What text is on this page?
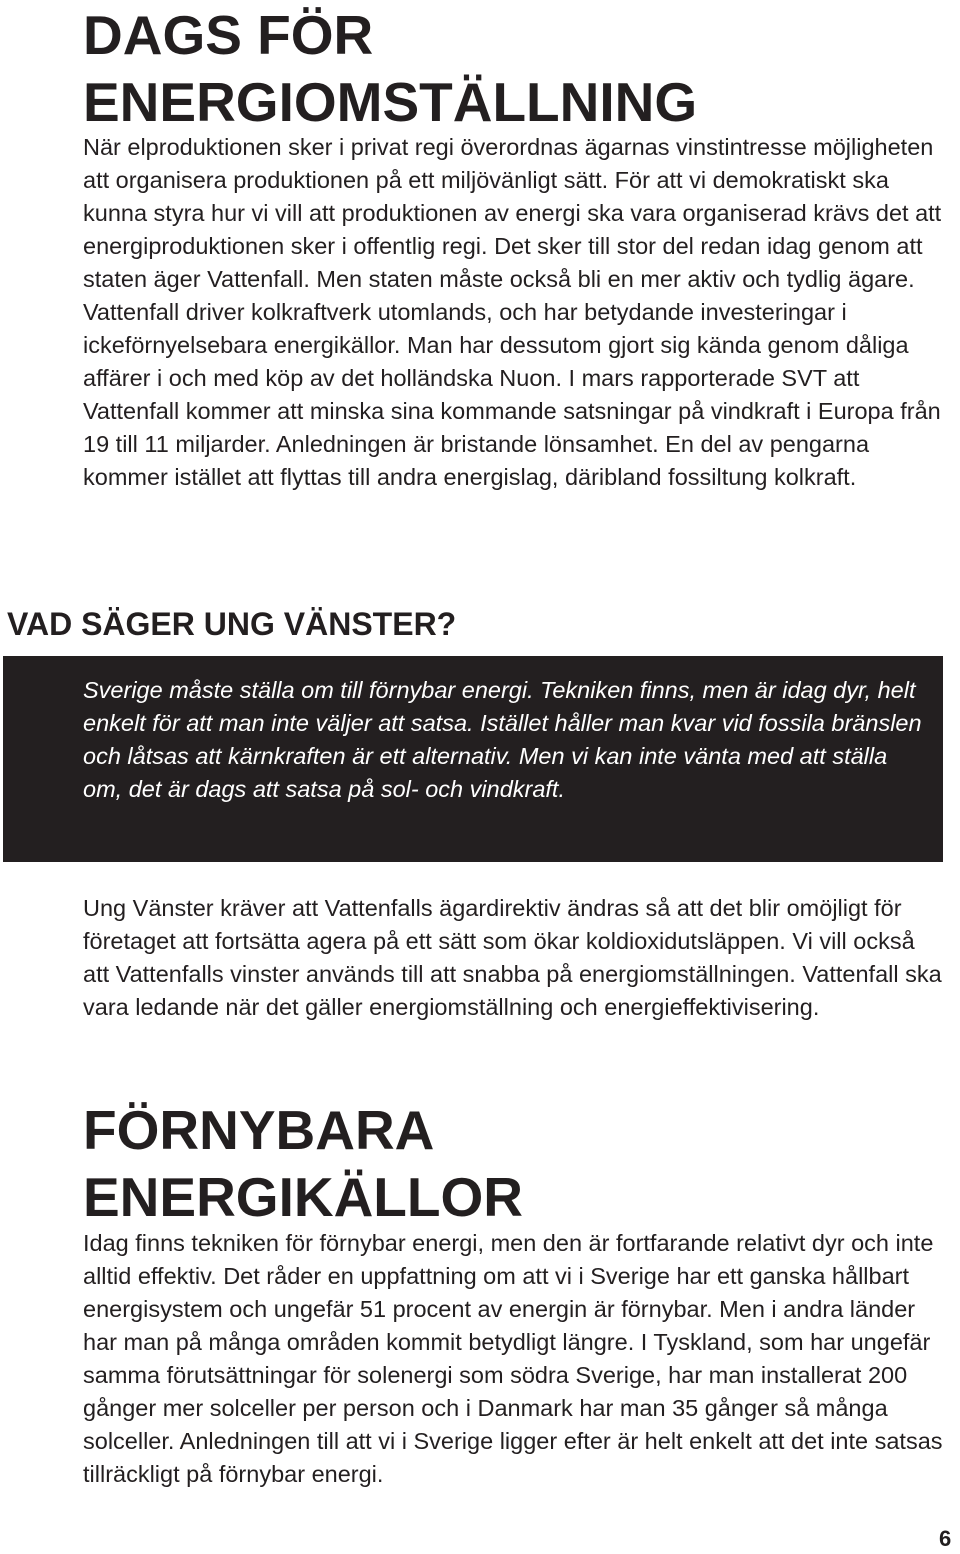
DAGS FÖR
ENERGIOMSTÄLLNING

När elproduktionen sker i privat regi överordnas ägarnas vinstintresse möjligheten att organisera produktionen på ett miljövänligt sätt. För att vi demokratiskt ska kunna styra hur vi vill att produktionen av energi ska vara organiserad krävs det att energiproduktionen sker i offentlig regi. Det sker till stor del redan idag genom att staten äger Vattenfall. Men staten måste också bli en mer aktiv och tydlig ägare. Vattenfall driver kolkraftverk utomlands, och har betydande investeringar i ickeförnyelsebara energikällor. Man har dessutom gjort sig kända genom dåliga affärer i och med köp av det holländska Nuon. I mars rapporterade SVT att Vattenfall kommer att minska sina kommande satsningar på vindkraft i Europa från 19 till 11 miljarder. Anledningen är bristande lönsamhet. En del av pengarna kommer istället att flyttas till andra energislag, däribland fossiltung kolkraft.

VAD SÄGER UNG VÄNSTER?

Sverige måste ställa om till förnybar energi. Tekniken finns, men är idag dyr, helt enkelt för att man inte väljer att satsa. Istället håller man kvar vid fossila bränslen och låtsas att kärnkraften är ett alternativ. Men vi kan inte vänta med att ställa om, det är dags att satsa på sol- och vindkraft.

Ung Vänster kräver att Vattenfalls ägardirektiv ändras så att det blir omöjligt för företaget att fortsätta agera på ett sätt som ökar koldioxidutsläppen. Vi vill också att Vattenfalls vinster används till att snabba på energiomställningen. Vattenfall ska vara ledande när det gäller energiomställning och energieffektivisering.

FÖRNYBARA
ENERGIKÄLLOR

Idag finns tekniken för förnybar energi, men den är fortfarande relativt dyr och inte alltid effektiv. Det råder en uppfattning om att vi i Sverige har ett ganska hållbart energisystem och ungefär 51 procent av energin är förnybar. Men i andra länder har man på många områden kommit betydligt längre. I Tyskland, som har ungefär samma förutsättningar för solenergi som södra Sverige, har man installerat 200 gånger mer solceller per person och i Danmark har man 35 gånger så många solceller. Anledningen till att vi i Sverige ligger efter är helt enkelt att det inte satsas tillräckligt på förnybar energi.

6
